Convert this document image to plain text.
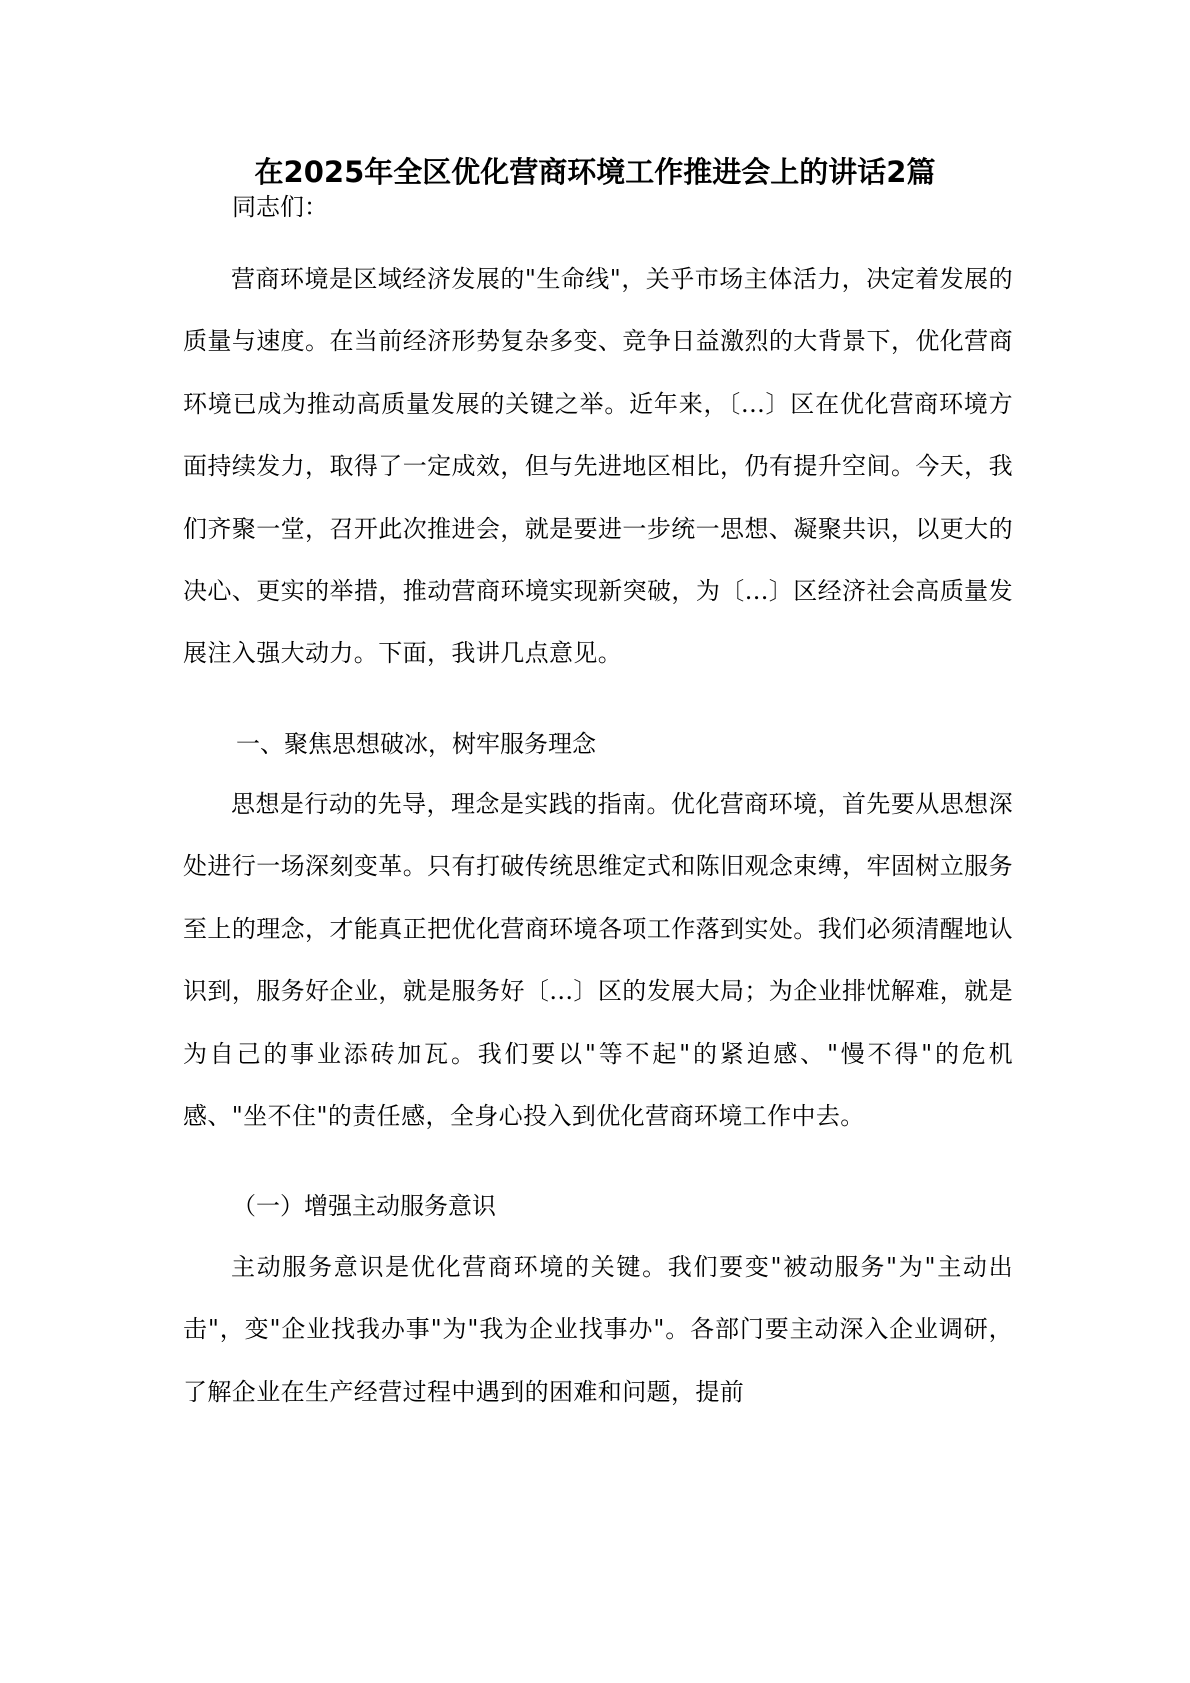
在2025年全区优化营商环境工作推进会上的讲话2篇
同志们：

营商环境是区域经济发展的"生命线"，关乎市场主体活力，决定着发展的质量与速度。在当前经济形势复杂多变、竞争日益激烈的大背景下，优化营商环境已成为推动高质量发展的关键之举。近年来，〔...〕区在优化营商环境方面持续发力，取得了一定成效，但与先进地区相比，仍有提升空间。今天，我们齐聚一堂，召开此次推进会，就是要进一步统一思想、凝聚共识，以更大的决心、更实的举措，推动营商环境实现新突破，为〔...〕区经济社会高质量发展注入强大动力。下面，我讲几点意见。

一、聚焦思想破冰，树牢服务理念

思想是行动的先导，理念是实践的指南。优化营商环境，首先要从思想深处进行一场深刻变革。只有打破传统思维定式和陈旧观念束缚，牢固树立服务至上的理念，才能真正把优化营商环境各项工作落到实处。我们必须清醒地认识到，服务好企业，就是服务好〔...〕区的发展大局；为企业排忧解难，就是为自己的事业添砖加瓦。我们要以"等不起"的紧迫感、"慢不得"的危机感、"坐不住"的责任感，全身心投入到优化营商环境工作中去。

（一）增强主动服务意识

主动服务意识是优化营商环境的关键。我们要变"被动服务"为"主动出击"，变"企业找我办事"为"我为企业找事办"。各部门要主动深入企业调研，了解企业在生产经营过程中遇到的困难和问题，提前
